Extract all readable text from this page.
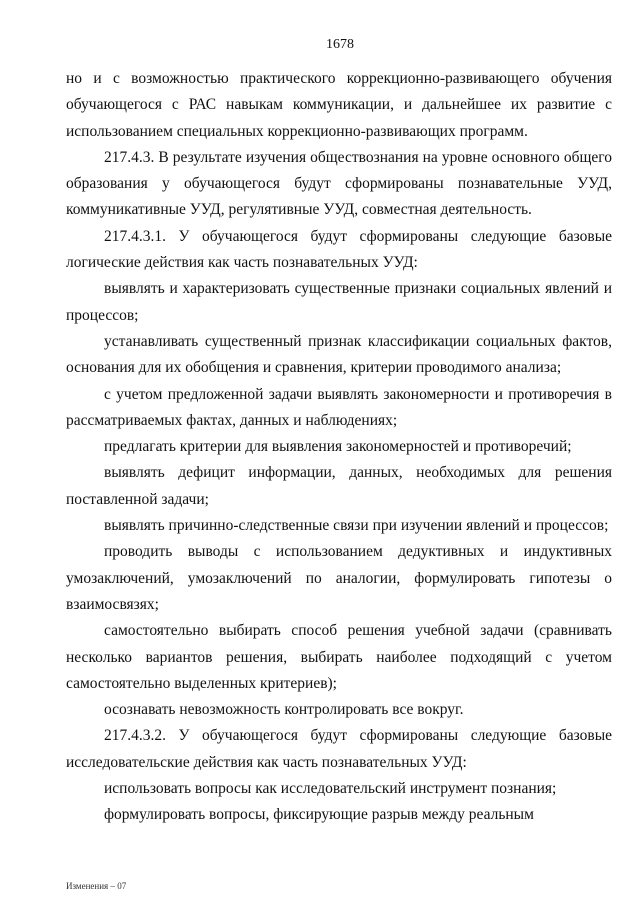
1678

но и с возможностью практического коррекционно-развивающего обучения обучающегося с РАС навыкам коммуникации, и дальнейшее их развитие с использованием специальных коррекционно-развивающих программ.

217.4.3. В результате изучения обществознания на уровне основного общего образования у обучающегося будут сформированы познавательные УУД, коммуникативные УУД, регулятивные УУД, совместная деятельность.

217.4.3.1. У обучающегося будут сформированы следующие базовые логические действия как часть познавательных УУД:

выявлять и характеризовать существенные признаки социальных явлений и процессов;

устанавливать существенный признак классификации социальных фактов, основания для их обобщения и сравнения, критерии проводимого анализа;

с учетом предложенной задачи выявлять закономерности и противоречия в рассматриваемых фактах, данных и наблюдениях;

предлагать критерии для выявления закономерностей и противоречий;

выявлять дефицит информации, данных, необходимых для решения поставленной задачи;

выявлять причинно-следственные связи при изучении явлений и процессов;

проводить выводы с использованием дедуктивных и индуктивных умозаключений, умозаключений по аналогии, формулировать гипотезы о взаимосвязях;

самостоятельно выбирать способ решения учебной задачи (сравнивать несколько вариантов решения, выбирать наиболее подходящий с учетом самостоятельно выделенных критериев);

осознавать невозможность контролировать все вокруг.

217.4.3.2. У обучающегося будут сформированы следующие базовые исследовательские действия как часть познавательных УУД:

использовать вопросы как исследовательский инструмент познания;

формулировать вопросы, фиксирующие разрыв между реальным

Изменения – 07
